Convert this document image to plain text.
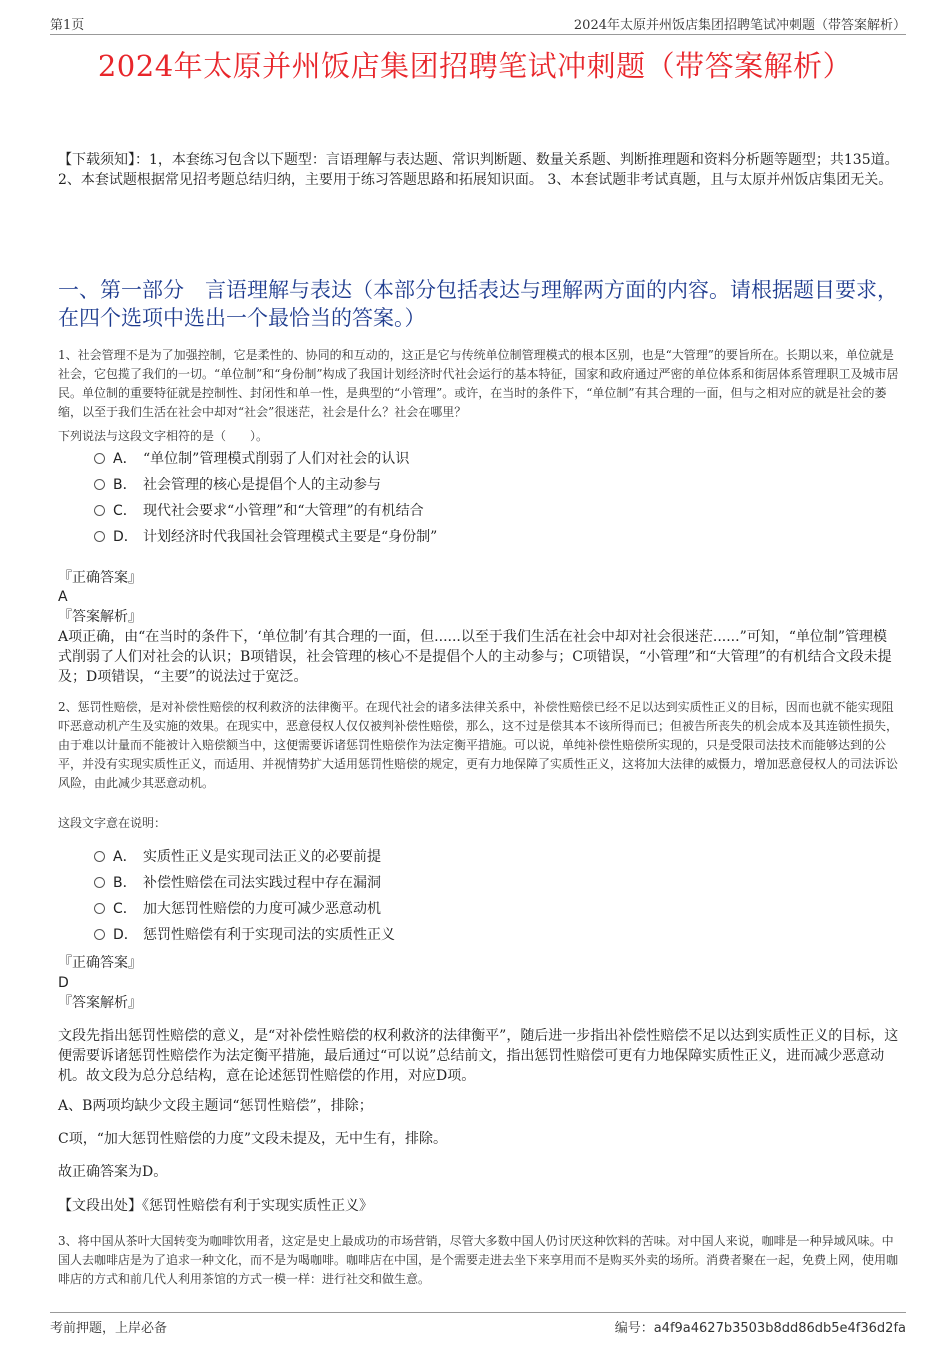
第1页	2024年太原并州饭店集团招聘笔试冲刺题（带答案解析）
2024年太原并州饭店集团招聘笔试冲刺题（带答案解析）
【下载须知】：1，本套练习包含以下题型：言语理解与表达题、常识判断题、数量关系题、判断推理题和资料分析题等题型；共135道。 2、本套试题根据常见招考题总结归纳，主要用于练习答题思路和拓展知识面。 3、本套试题非考试真题，且与太原并州饭店集团无关。
一、第一部分　言语理解与表达（本部分包括表达与理解两方面的内容。请根据题目要求，在四个选项中选出一个最恰当的答案。）
1、社会管理不是为了加强控制，它是柔性的、协同的和互动的，这正是它与传统单位制管理模式的根本区别，也是“大管理”的要旨所在。长期以来，单位就是社会，它包揽了我们的一切。“单位制”和“身份制”构成了我国计划经济时代社会运行的基本特征，国家和政府通过严密的单位体系和街居体系管理职工及城市居民。单位制的重要特征就是控制性、封闭性和单一性，是典型的“小管理”。或许，在当时的条件下，“单位制”有其合理的一面，但与之相对应的就是社会的萎缩，以至于我们生活在社会中却对“社会”很迷茫，社会是什么？社会在哪里？
下列说法与这段文字相符的是（　　）。
A． “单位制”管理模式削弱了人们对社会的认识
B． 社会管理的核心是提倡个人的主动参与
C． 现代社会要求“小管理”和“大管理”的有机结合
D． 计划经济时代我国社会管理模式主要是“身份制”
『正确答案』
A
『答案解析』
A项正确，由“在当时的条件下，‘单位制’有其合理的一面，但......以至于我们生活在社会中却对社会很迷茫......”可知，“单位制”管理模式削弱了人们对社会的认识；B项错误，社会管理的核心不是提倡个人的主动参与；C项错误，“小管理”和“大管理”的有机结合文段未提及；D项错误，“主要”的说法过于宽泛。
2、惩罚性赔偿，是对补偿性赔偿的权利救济的法律衡平。在现代社会的诸多法律关系中，补偿性赔偿已经不足以达到实质性正义的目标，因而也就不能实现阻吓恶意动机产生及实施的效果。在现实中，恶意侵权人仅仅被判补偿性赔偿，那么，这不过是偿其本不该所得而已；但被告所丧失的机会成本及其连锁性损失，由于难以计量而不能被计入赔偿额当中，这便需要诉诸惩罚性赔偿作为法定衡平措施。可以说，单纯补偿性赔偿所实现的，只是受限司法技术而能够达到的公平，并没有实现实质性正义，而适用、并视情势扩大适用惩罚性赔偿的规定，更有力地保障了实质性正义，这将加大法律的威慑力，增加恶意侵权人的司法诉讼风险，由此减少其恶意动机。
这段文字意在说明：
A． 实质性正义是实现司法正义的必要前提
B． 补偿性赔偿在司法实践过程中存在漏洞
C． 加大惩罚性赔偿的力度可减少恶意动机
D． 惩罚性赔偿有利于实现司法的实质性正义
『正确答案』
D
『答案解析』
文段先指出惩罚性赔偿的意义，是“对补偿性赔偿的权利救济的法律衡平”，随后进一步指出补偿性赔偿不足以达到实质性正义的目标，这便需要诉诸惩罚性赔偿作为法定衡平措施，最后通过“可以说”总结前文，指出惩罚性赔偿可更有力地保障实质性正义，进而减少恶意动机。故文段为总分总结构，意在论述惩罚性赔偿的作用，对应D项。
A、B两项均缺少文段主题词“惩罚性赔偿”，排除；
C项，“加大惩罚性赔偿的力度”文段未提及，无中生有，排除。
故正确答案为D。
【文段出处】《惩罚性赔偿有利于实现实质性正义》
3、将中国从茶叶大国转变为咖啡饮用者，这定是史上最成功的市场营销，尽管大多数中国人仍讨厌这种饮料的苦味。对中国人来说，咖啡是一种异域风味。中国人去咖啡店是为了追求一种文化，而不是为喝咖啡。咖啡店在中国，是个需要走进去坐下来享用而不是购买外卖的场所。消费者聚在一起，免费上网，使用咖啡店的方式和前几代人利用茶馆的方式一模一样：进行社交和做生意。
考前押题，上岸必备	编号：a4f9a4627b3503b8dd86db5e4f36d2fa
